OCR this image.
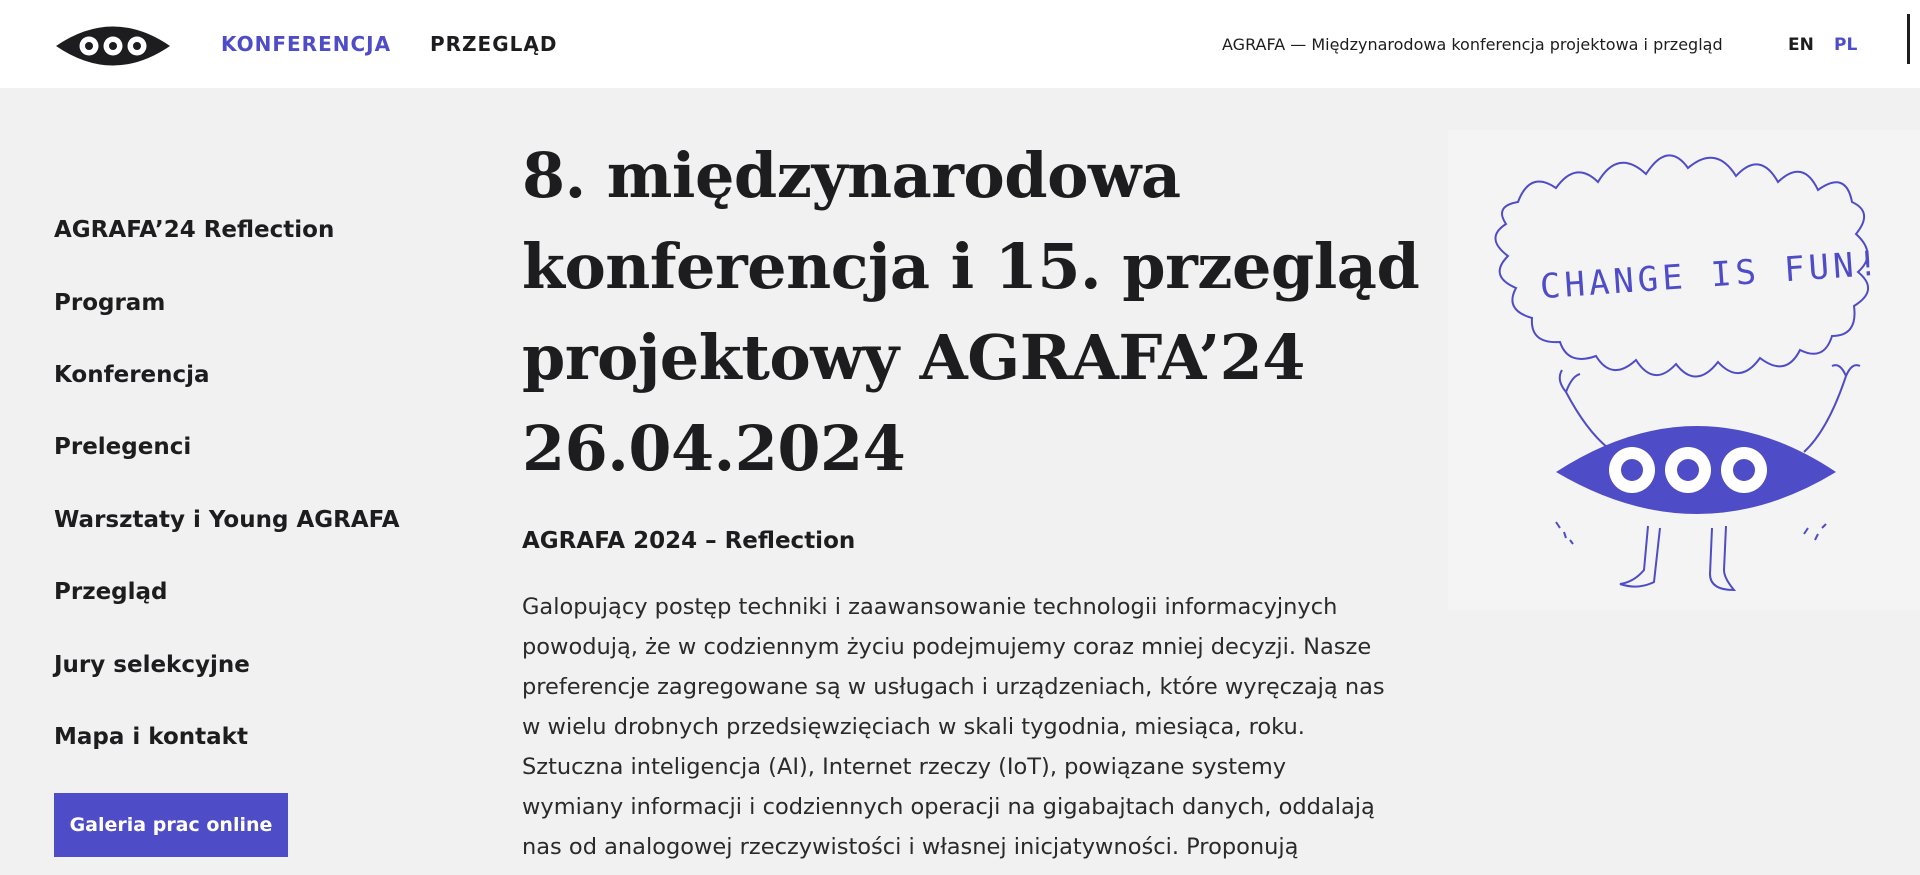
KONFERENCJA PRZEGLĄD	AGRAFA — Międzynarodowa konferencja projektowa i przegląd	EN PL
AGRAFA’24 Reflection
Program
Konferencja
Prelegenci
Warsztaty i Young AGRAFA
Przegląd
Jury selekcyjne
Mapa i kontakt
Galeria prac online
8. międzynarodowa
konferencja i 15. przegląd
projektowy AGRAFA’24
26.04.2024
AGRAFA 2024 – Reflection

Galopujący postęp techniki i zaawansowanie technologii informacyjnych
powodują, że w codziennym życiu podejmujemy coraz mniej decyzji. Nasze
preferencje zagregowane są w usługach i urządzeniach, które wyręczają nas
w wielu drobnych przedsięwzięciach w skali tygodnia, miesiąca, roku.
Sztuczna inteligencja (AI), Internet rzeczy (IoT), powiązane systemy
wymiany informacji i codziennych operacji na gigabajtach danych, oddalają
nas od analogowej rzeczywistości i własnej inicjatywności. Proponują

CHANGE IS FUN!
